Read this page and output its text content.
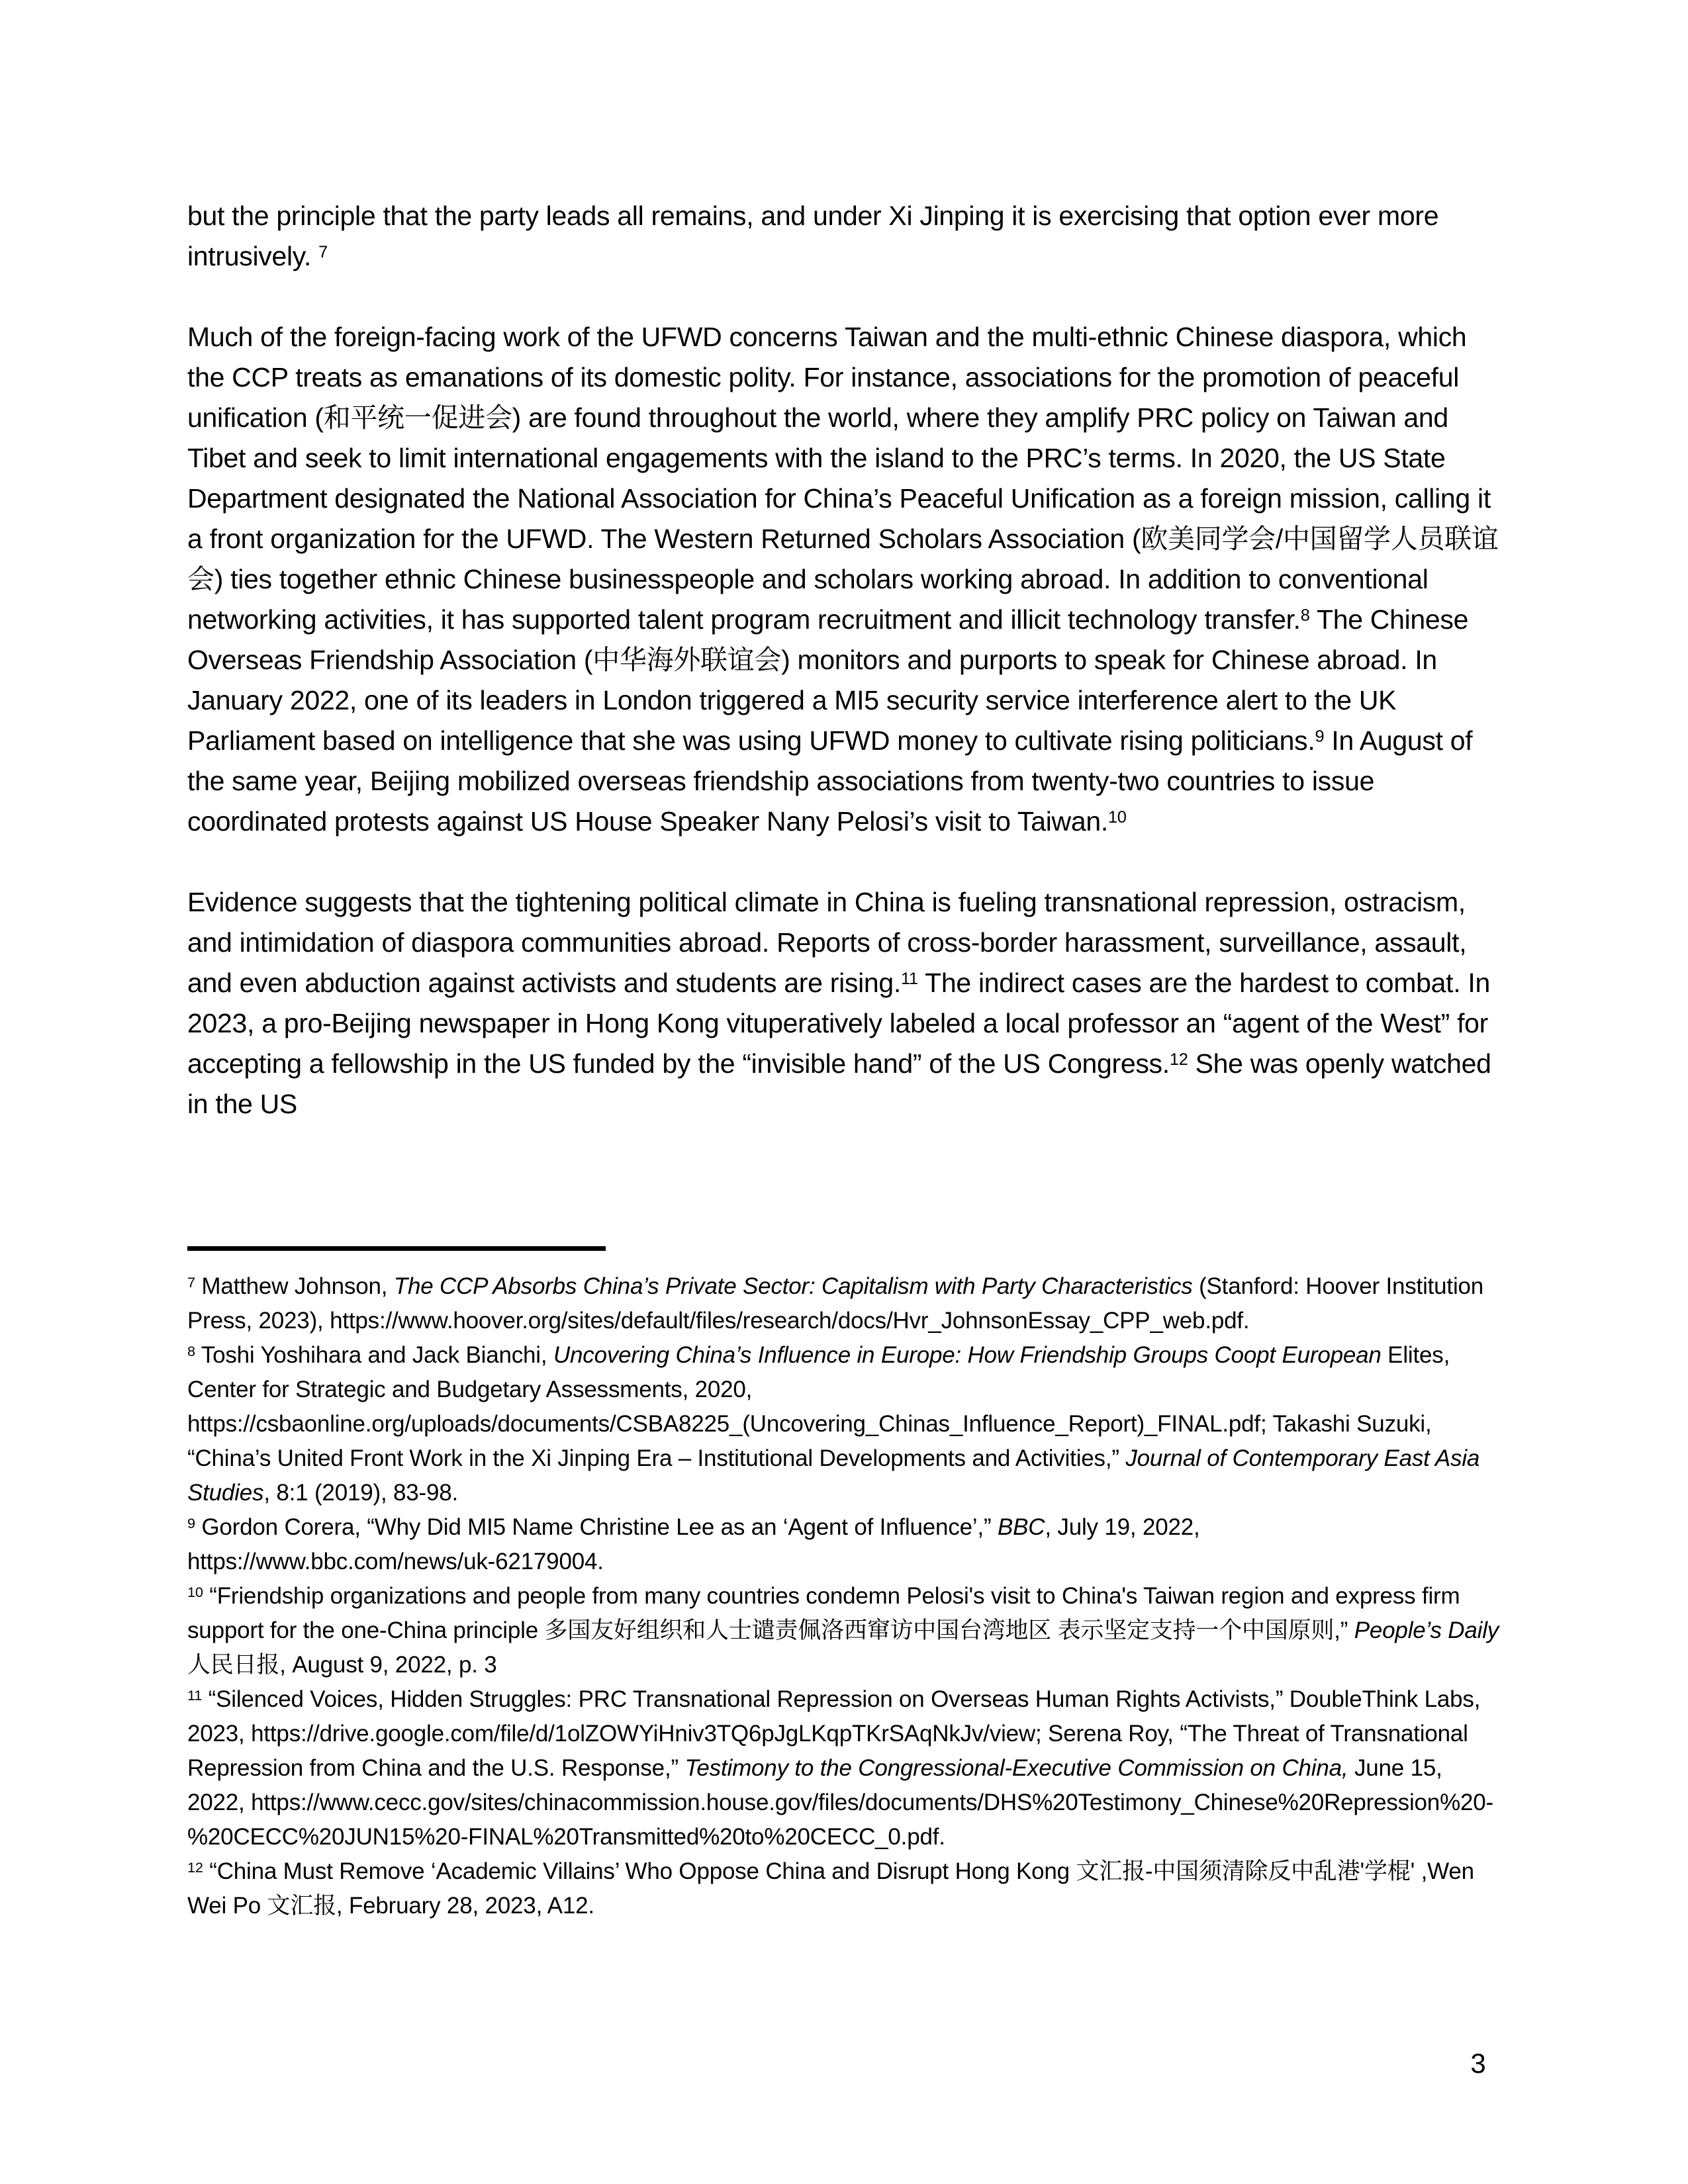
but the principle that the party leads all remains, and under Xi Jinping it is exercising that option ever more intrusively. $^7$

Much of the foreign-facing work of the UFWD concerns Taiwan and the multi-ethnic Chinese diaspora, which the CCP treats as emanations of its domestic polity. For instance, associations for the promotion of peaceful unification (和平统一促进会) are found throughout the world, where they amplify PRC policy on Taiwan and Tibet and seek to limit international engagements with the island to the PRC’s terms. In 2020, the US State Department designated the National Association for China’s Peaceful Unification as a foreign mission, calling it a front organization for the UFWD. The Western Returned Scholars Association (欧美同学会/中国留学人员联谊会) ties together ethnic Chinese businesspeople and scholars working abroad. In addition to conventional networking activities, it has supported talent program recruitment and illicit technology transfer.$^8$ The Chinese Overseas Friendship Association (中华海外联谊会) monitors and purports to speak for Chinese abroad. In January 2022, one of its leaders in London triggered a MI5 security service interference alert to the UK Parliament based on intelligence that she was using UFWD money to cultivate rising politicians.$^9$ In August of the same year, Beijing mobilized overseas friendship associations from twenty-two countries to issue coordinated protests against US House Speaker Nany Pelosi’s visit to Taiwan.$^{10}$

Evidence suggests that the tightening political climate in China is fueling transnational repression, ostracism, and intimidation of diaspora communities abroad. Reports of cross-border harassment, surveillance, assault, and even abduction against activists and students are rising.$^{11}$ The indirect cases are the hardest to combat. In 2023, a pro-Beijing newspaper in Hong Kong vituperatively labeled a local professor an “agent of the West” for accepting a fellowship in the US funded by the “invisible hand” of the US Congress.$^{12}$ She was openly watched in the US

$^7$ Matthew Johnson, The CCP Absorbs China’s Private Sector: Capitalism with Party Characteristics (Stanford: Hoover Institution Press, 2023), https://www.hoover.org/sites/default/files/research/docs/Hvr_JohnsonEssay_CPP_web.pdf.

$^8$ Toshi Yoshihara and Jack Bianchi, Uncovering China’s Influence in Europe: How Friendship Groups Coopt European Elites, Center for Strategic and Budgetary Assessments, 2020, https://csbaonline.org/uploads/documents/CSBA8225_(Uncovering_Chinas_Influence_Report)_FINAL.pdf; Takashi Suzuki, “China’s United Front Work in the Xi Jinping Era – Institutional Developments and Activities,” Journal of Contemporary East Asia Studies, 8:1 (2019), 83-98.

$^9$ Gordon Corera, “Why Did MI5 Name Christine Lee as an ‘Agent of Influence’,” BBC, July 19, 2022, https://www.bbc.com/news/uk-62179004.

$^{10}$ “Friendship organizations and people from many countries condemn Pelosi's visit to China's Taiwan region and express firm support for the one-China principle 多国友好组织和人士谴责佩洛西窜访中国台湾地区 表示坚定支持一个中国原则,” People’s Daily 人民日报, August 9, 2022, p. 3

$^{11}$ “Silenced Voices, Hidden Struggles: PRC Transnational Repression on Overseas Human Rights Activists,” DoubleThink Labs, 2023, https://drive.google.com/file/d/1olZOWYiHniv3TQ6pJgLKqpTKrSAqNkJv/view; Serena Roy, “The Threat of Transnational Repression from China and the U.S. Response,” Testimony to the Congressional-Executive Commission on China, June 15, 2022, https://www.cecc.gov/sites/chinacommission.house.gov/files/documents/DHS%20Testimony_Chinese%20Repression%20-%20CECC%20JUN15%20-FINAL%20Transmitted%20to%20CECC_0.pdf.

$^{12}$ “China Must Remove ‘Academic Villains’ Who Oppose China and Disrupt Hong Kong 文汇报-中国须清除反中乱港'学棍' ,Wen Wei Po 文汇报, February 28, 2023, A12.

3
